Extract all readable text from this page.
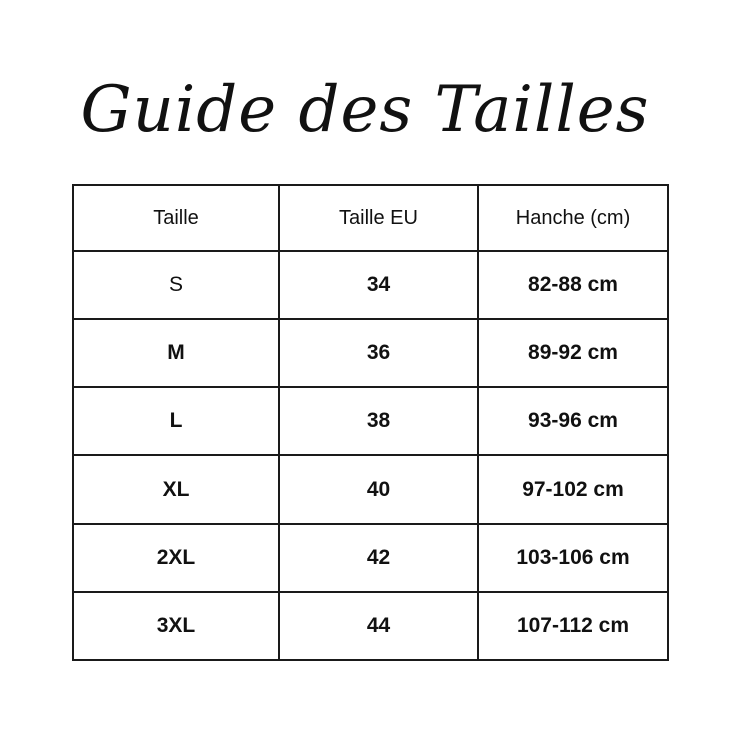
Guide des Tailles
Taille	Taille EU	Hanche (cm)
S	34	82-88 cm
M	36	89-92 cm
L	38	93-96 cm
XL	40	97-102 cm
2XL	42	103-106 cm
3XL	44	107-112 cm
